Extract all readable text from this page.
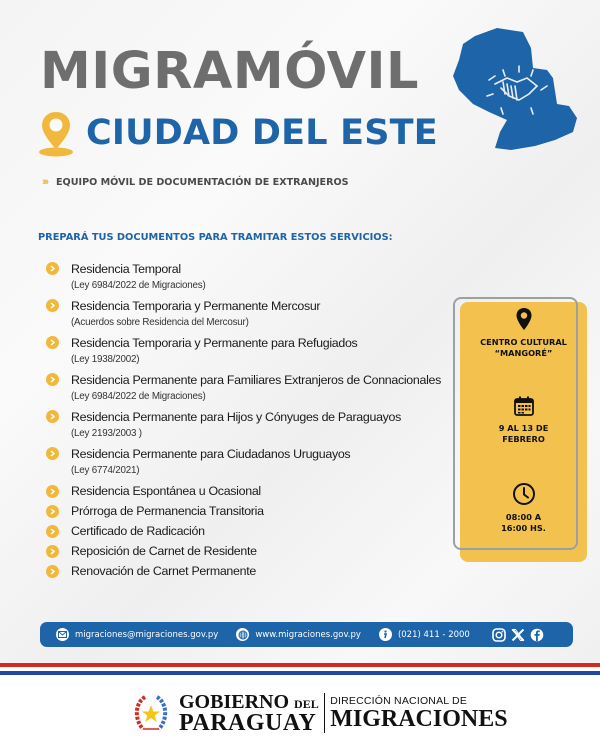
MIGRAMÓVIL
CIUDAD DEL ESTE
››› EQUIPO MÓVIL DE DOCUMENTACIÓN DE EXTRANJEROS
PREPARÁ TUS DOCUMENTOS PARA TRAMITAR ESTOS SERVICIOS:
Residencia Temporal
(Ley 6984/2022 de Migraciones)
Residencia Temporaria y Permanente Mercosur
(Acuerdos sobre Residencia del Mercosur)
Residencia Temporaria y Permanente para Refugiados
(Ley 1938/2002)
Residencia Permanente para Familiares Extranjeros de Connacionales
(Ley 6984/2022 de Migraciones)
Residencia Permanente para Hijos y Cónyuges de Paraguayos
(Ley 2193/2003 )
Residencia Permanente para Ciudadanos Uruguayos
(Ley 6774/2021)
Residencia Espontánea u Ocasional
Prórroga de Permanencia Transitoria
Certificado de Radicación
Reposición de Carnet de Residente
Renovación de Carnet Permanente
CENTRO CULTURAL
“MANGORÉ”
9 AL 13 DE
FEBRERO
08:00 A
16:00 HS.
migraciones@migraciones.gov.py	www.migraciones.gov.py	(021) 411 - 2000
GOBIERNO DEL
PARAGUAY
DIRECCIÓN NACIONAL DE
MIGRACIONES
